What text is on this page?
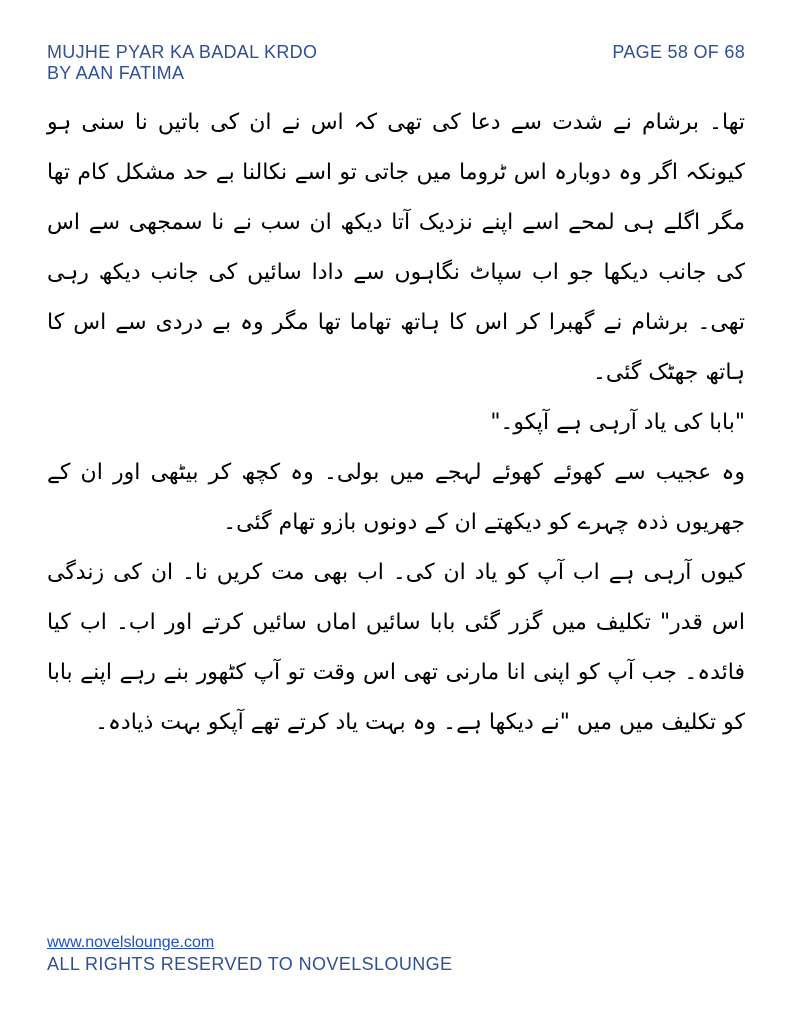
MUJHE PYAR KA BADAL KRDO
BY AAN FATIMA
PAGE 58 OF 68

تھا۔ برشام نے شدت سے دعا کی تھی کہ اس نے ان کی باتیں نا سنی ہو کیونکہ اگر وہ دوبارہ اس ٹروما میں جاتی تو اسے نکالنا بے حد مشکل کام تھا مگر اگلے ہی لمحے اسے اپنے نزدیک آتا دیکھ ان سب نے نا سمجھی سے اس کی جانب دیکھا جو اب سپاٹ نگاہوں سے دادا سائیں کی جانب دیکھ رہی تھی۔ برشام نے گھبرا کر اس کا ہاتھ تھاما تھا مگر وہ بے دردی سے اس کا ہاتھ جھٹک گئی۔

"بابا کی یاد آرہی ہے آپکو۔"

وہ عجیب سے کھوئے کھوئے لہجے میں بولی۔ وہ کچھ کر بیٹھی اور ان کے جھریوں ذدہ چہرے کو دیکھتے ان کے دونوں بازو تھام گئی۔

کیوں آرہی ہے اب آپ کو یاد ان کی۔ اب بھی مت کریں نا۔ ان کی زندگی اس قدر" تکلیف میں گزر گئی بابا سائیں اماں سائیں کرتے اور اب۔ اب کیا فائدہ۔ جب آپ کو اپنی انا مارنی تھی اس وقت تو آپ کٹھور بنے رہے اپنے بابا کو تکلیف میں میں "نے دیکھا ہے۔ وہ بہت یاد کرتے تھے آپکو بہت ذیادہ۔

www.novelslounge.com
ALL RIGHTS RESERVED TO NOVELSLOUNGE
